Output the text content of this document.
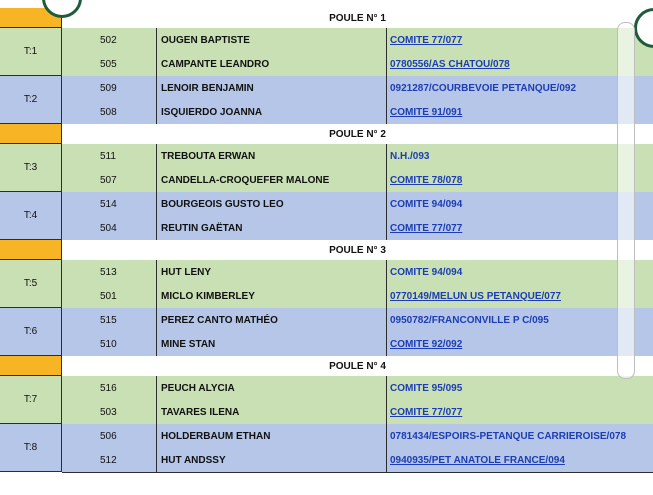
POULE N° 1
T:1
502	OUGEN BAPTISTE	COMITE 77/077
505	CAMPANTE LEANDRO	0780556/AS CHATOU/078
T:2
509	LENOIR BENJAMIN	0921287/COURBEVOIE PETANQUE/092
508	ISQUIERDO JOANNA	COMITE 91/091
POULE N° 2
T:3
511	TREBOUTA ERWAN	N.H./093
507	CANDELLA-CROQUEFER MALONE	COMITE 78/078
T:4
514	BOURGEOIS GUSTO LEO	COMITE 94/094
504	REUTIN GAËTAN	COMITE 77/077
POULE N° 3
T:5
513	HUT LENY	COMITE 94/094
501	MICLO KIMBERLEY	0770149/MELUN US PETANQUE/077
T:6
515	PEREZ CANTO MATHÉO	0950782/FRANCONVILLE P C/095
510	MINE STAN	COMITE 92/092
POULE N° 4
T:7
516	PEUCH ALYCIA	COMITE 95/095
503	TAVARES ILENA	COMITE 77/077
T:8
506	HOLDERBAUM ETHAN	0781434/ESPOIRS-PETANQUE CARRIEROISE/078
512	HUT ANDSSY	0940935/PET ANATOLE FRANCE/094
